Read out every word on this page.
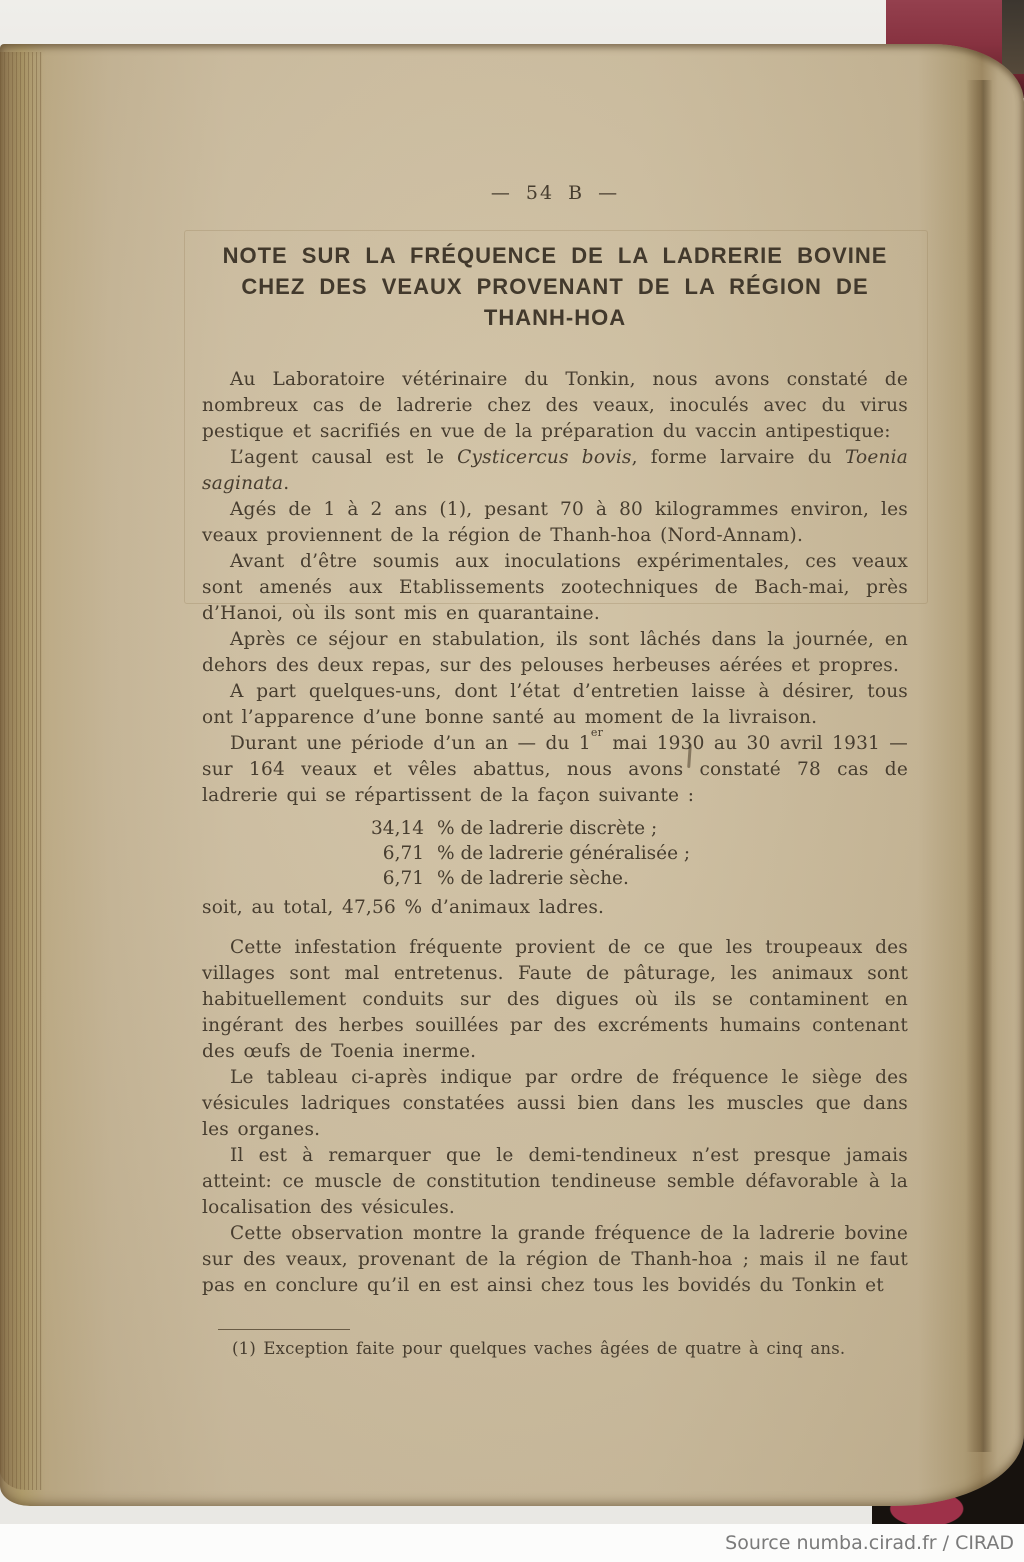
— 54 B —
NOTE SUR LA FRÉQUENCE DE LA LADRERIE BOVINE
CHEZ DES VEAUX PROVENANT DE LA RÉGION DE THANH-HOA

Au Laboratoire vétérinaire du Tonkin, nous avons constaté de nombreux cas de ladrerie chez des veaux, inoculés avec du virus pestique et sacrifiés en vue de la préparation du vaccin antipestique:

L’agent causal est le Cysticercus bovis, forme larvaire du Toenia saginata.

Agés de 1 à 2 ans (1), pesant 70 à 80 kilogrammes environ, les veaux proviennent de la région de Thanh-hoa (Nord-Annam).

Avant d’être soumis aux inoculations expérimentales, ces veaux sont amenés aux Etablissements zootechniques de Bach-mai, près d’Hanoi, où ils sont mis en quarantaine.

Après ce séjour en stabulation, ils sont lâchés dans la journée, en dehors des deux repas, sur des pelouses herbeuses aérées et propres.

A part quelques-uns, dont l’état d’entretien laisse à désirer, tous ont l’apparence d’une bonne santé au moment de la livraison.

Durant une période d’un an — du 1er mai 1930 au 30 avril 1931 — sur 164 veaux et vêles abattus, nous avons constaté 78 cas de ladrerie qui se répartissent de la façon suivante :

34,14 % de ladrerie discrète ;
6,71 % de ladrerie généralisée ;
6,71 % de ladrerie sèche.

soit, au total, 47,56 % d’animaux ladres.

Cette infestation fréquente provient de ce que les troupeaux des villages sont mal entretenus. Faute de pâturage, les animaux sont habituellement conduits sur des digues où ils se contaminent en ingérant des herbes souillées par des excréments humains contenant des œufs de Toenia inerme.

Le tableau ci-après indique par ordre de fréquence le siège des vésicules ladriques constatées aussi bien dans les muscles que dans les organes.

Il est à remarquer que le demi-tendineux n’est presque jamais atteint: ce muscle de constitution tendineuse semble défavorable à la localisation des vésicules.

Cette observation montre la grande fréquence de la ladrerie bovine sur des veaux, provenant de la région de Thanh-hoa ; mais il ne faut pas en conclure qu’il en est ainsi chez tous les bovidés du Tonkin et

(1) Exception faite pour quelques vaches âgées de quatre à cinq ans.

Source numba.cirad.fr / CIRAD
